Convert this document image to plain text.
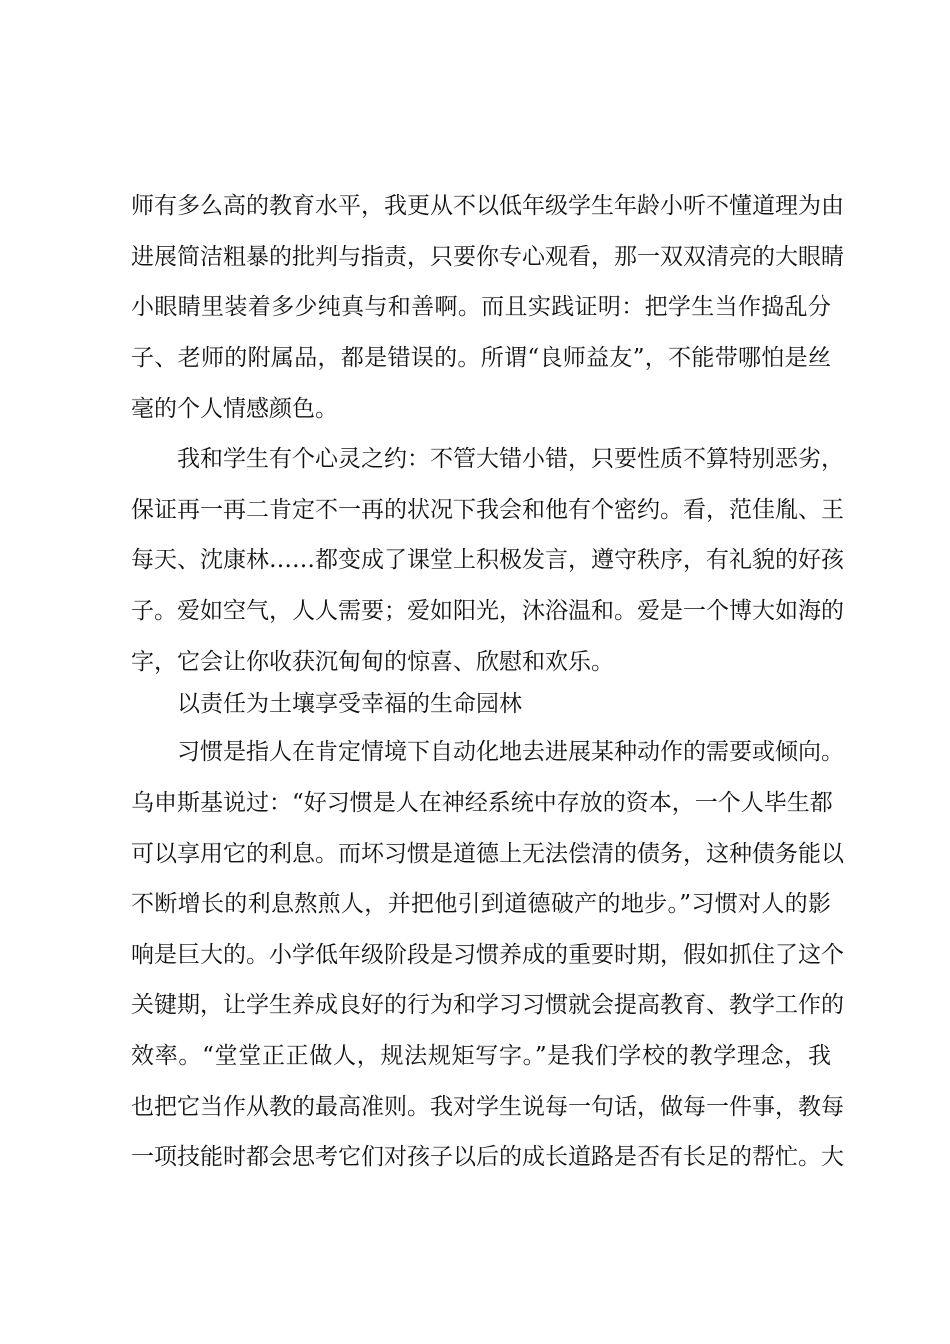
师有多么高的教育水平，我更从不以低年级学生年龄小听不懂道理为由
进展简洁粗暴的批判与指责，只要你专心观看，那一双双清亮的大眼睛
小眼睛里装着多少纯真与和善啊。而且实践证明：把学生当作捣乱分
子、老师的附属品，都是错误的。所谓“良师益友”，不能带哪怕是丝
毫的个人情感颜色。
我和学生有个心灵之约：不管大错小错，只要性质不算特别恶劣，
保证再一再二肯定不一再的状况下我会和他有个密约。看，范佳胤、王
每天、沈康林……都变成了课堂上积极发言，遵守秩序，有礼貌的好孩
子。爱如空气，人人需要；爱如阳光，沐浴温和。爱是一个博大如海的
字，它会让你收获沉甸甸的惊喜、欣慰和欢乐。
以责任为土壤享受幸福的生命园林
习惯是指人在肯定情境下自动化地去进展某种动作的需要或倾向。
乌申斯基说过：“好习惯是人在神经系统中存放的资本，一个人毕生都
可以享用它的利息。而坏习惯是道德上无法偿清的债务，这种债务能以
不断增长的利息熬煎人，并把他引到道德破产的地步。”习惯对人的影
响是巨大的。小学低年级阶段是习惯养成的重要时期，假如抓住了这个
关键期，让学生养成良好的行为和学习习惯就会提高教育、教学工作的
效率。“堂堂正正做人，规法规矩写字。”是我们学校的教学理念，我
也把它当作从教的最高准则。我对学生说每一句话，做每一件事，教每
一项技能时都会思考它们对孩子以后的成长道路是否有长足的帮忙。大
